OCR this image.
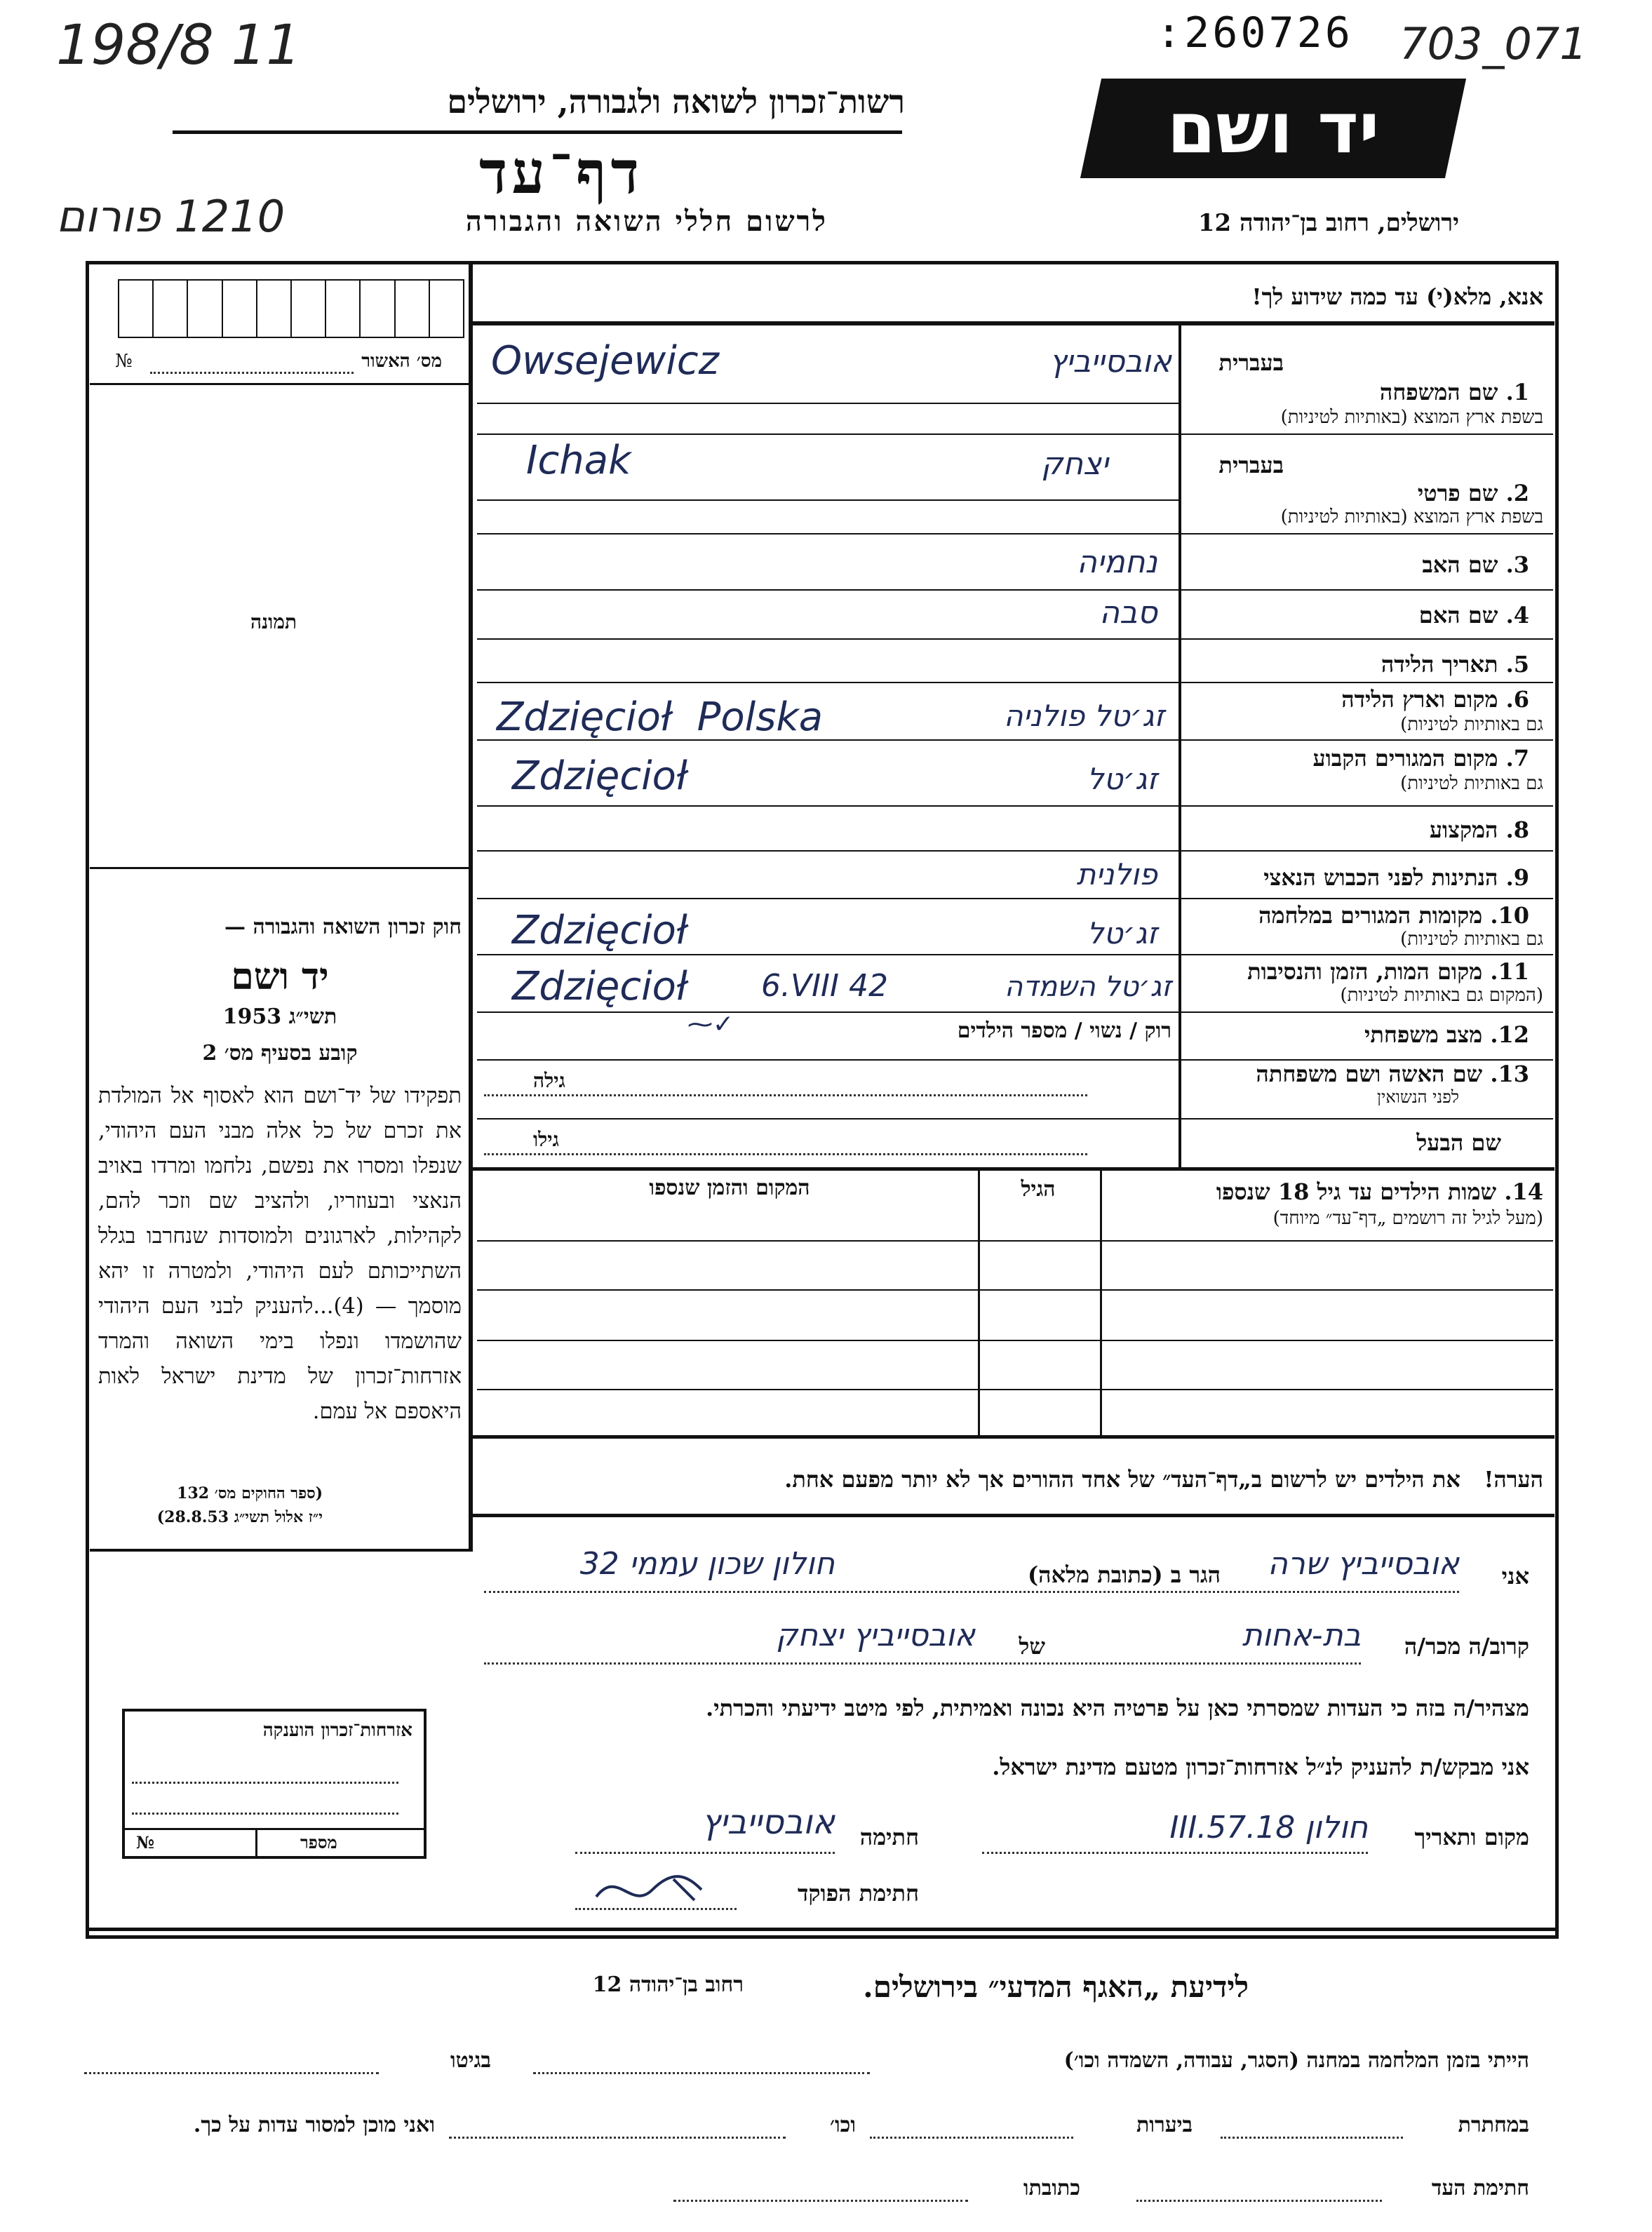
198/8 11	:260726 703_071
1210 פורום
רשות־זכרון לשואה ולגבורה, ירושלים
דף־עד
לרשום חללי השואה והגבורה
יד ושם
ירושלים, רחוב בן־יהודה 12
№	מס׳ האשור
תמונה
חוק זכרון השואה והגבורה —
יד ושם
תשי״ג 1953
קובע בסעיף מס׳ 2
תפקידו של יד־ושם הוא לאסוף אל המולדת את זכרם של כל אלה מבני העם היהודי, שנפלו ומסרו את נפשם, נלחמו ומרדו באויב הנאצי ובעוזריו, ולהציב שם וזכר להם, לקהילות, לארגונים ולמוסדות שנחרבו בגלל השתייכותם לעם היהודי, ולמטרה זו יהא מוסמך — (4)...להעניק לבני העם היהודי שהושמדו ונפלו בימי השואה והמרד אזרחות־זכרון של מדינת ישראל לאות היאספם אל עמם.
(ספר החוקים מס׳ 132
י״ז אלול תשי״ג 28.8.53)
אזרחות־זכרון הוענקה
№	מספר
אנא, מלא(י) עד כמה שידוע לך!
בעברית
1. שם המשפחה
בשפת ארץ המוצא (באותיות לטיניות)
Owsejewicz	אובסייביץ
בעברית
2. שם פרטי
בשפת ארץ המוצא (באותיות לטיניות)
Ichak	יצחק
3. שם האב
נחמיה
4. שם האם
סבה
5. תאריך הלידה
6. מקום וארץ הלידה
גם באותיות לטיניות)
Zdzięcioł  Polska	זג׳טל פולניה
7. מקום המגורים הקבוע
גם באותיות לטיניות)
Zdzięcioł	זג׳טל
8. המקצוע
9. הנתינות לפני הכבוש הנאצי
פולנית
10. מקומות המגורים במלחמה
גם באותיות לטיניות)
Zdzięcioł	זג׳טל
11. מקום המות, הזמן והנסיבות
(המקום גם באותיות לטיניות)
Zdzięcioł 6.VIII 42	זג׳טל השמדה
12. מצב משפחתי
רוק / נשוי / מספר הילדים
⁓✓
13. שם האשה ושם משפחתה
לפני הנשואין
גילה
שם הבעל
גילו
14. שמות הילדים עד גיל 18 שנספו
(מעל לגיל זה רושמים „דף־עד״ מיוחד)
הגיל
המקום והזמן שנספו
הערה!   את הילדים יש לרשום ב„דף־העד״ של אחד ההורים אך לא יותר מפעם אחת.
אני
אובסייביץ שרה
הגר ב (כתובת מלאה)
חולון שכון עממי 32
קרוב/ה מכר/ה
בת-אחות
של
אובסייביץ יצחק
מצהיר/ה בזה כי העדות שמסרתי כאן על פרטיה היא נכונה ואמיתית, לפי מיטב ידיעתי והכרתי.
אני מבקש/ת להעניק לנ״ל אזרחות־זכרון מטעם מדינת ישראל.
מקום ותאריך
חולון 18.III.57
חתימה
אובסייביץ
חתימת הפוקד
לידיעת „האגף המדעי״ בירושלים.
רחוב בן־יהודה 12
הייתי בזמן המלחמה במחנה (הסגר, עבודה, השמדה וכו׳)
בגיטו
במחתרת
ביערות
וכו׳
ואני מוכן למסור עדות על כך.
חתימת העד
כתובתו
